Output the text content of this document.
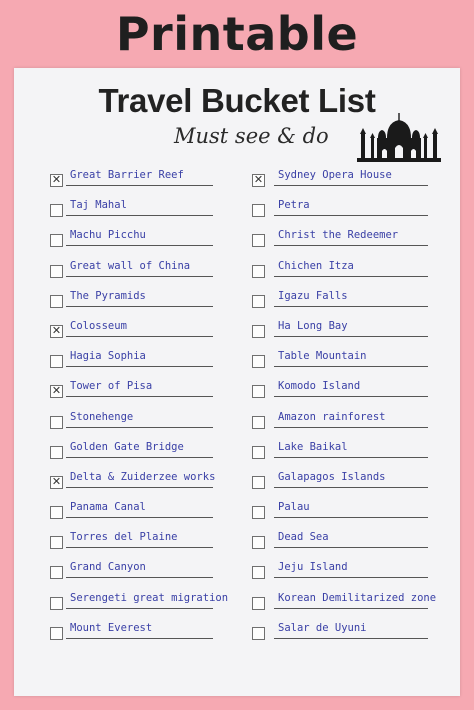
Printable
Travel Bucket List
Must see & do
✕ Great Barrier Reef
Taj Mahal
Machu Picchu
Great wall of China
The Pyramids
✕ Colosseum
Hagia Sophia
✕ Tower of Pisa
Stonehenge
Golden Gate Bridge
✕ Delta & Zuiderzee works
Panama Canal
Torres del Plaine
Grand Canyon
Serengeti great migration
Mount Everest
✕ Sydney Opera House
Petra
Christ the Redeemer
Chichen Itza
Igazu Falls
Ha Long Bay
Table Mountain
Komodo Island
Amazon rainforest
Lake Baikal
Galapagos Islands
Palau
Dead Sea
Jeju Island
Korean Demilitarized zone
Salar de Uyuni
